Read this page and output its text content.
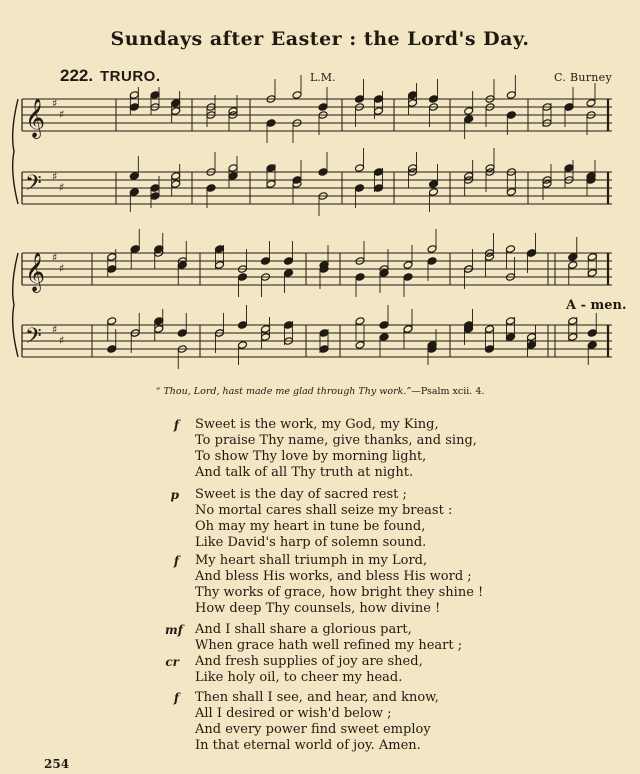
Sundays after Easter : the Lord's Day.
222. TRURO.	L.M.	C. Burney
𝄞 ♯
♯
𝄢 ♯
♯
𝄞 ♯
♯
𝄢 ♯
♯
A - men.
“ Thou, Lord, hast made me glad through Thy work.”—Psalm xcii. 4.
f Sweet is the work, my God, my King,
To praise Thy name, give thanks, and sing,
To show Thy love by morning light,
And talk of all Thy truth at night.
p Sweet is the day of sacred rest ;
No mortal cares shall seize my breast :
Oh may my heart in tune be found,
Like David's harp of solemn sound.
f My heart shall triumph in my Lord,
And bless His works, and bless His word ;
Thy works of grace, how bright they shine !
How deep Thy counsels, how divine !
mf And I shall share a glorious part,
When grace hath well refined my heart ;
cr And fresh supplies of joy are shed,
Like holy oil, to cheer my head.
f Then shall I see, and hear, and know,
All I desired or wish'd below ;
And every power find sweet employ
In that eternal world of joy. Amen.
254
